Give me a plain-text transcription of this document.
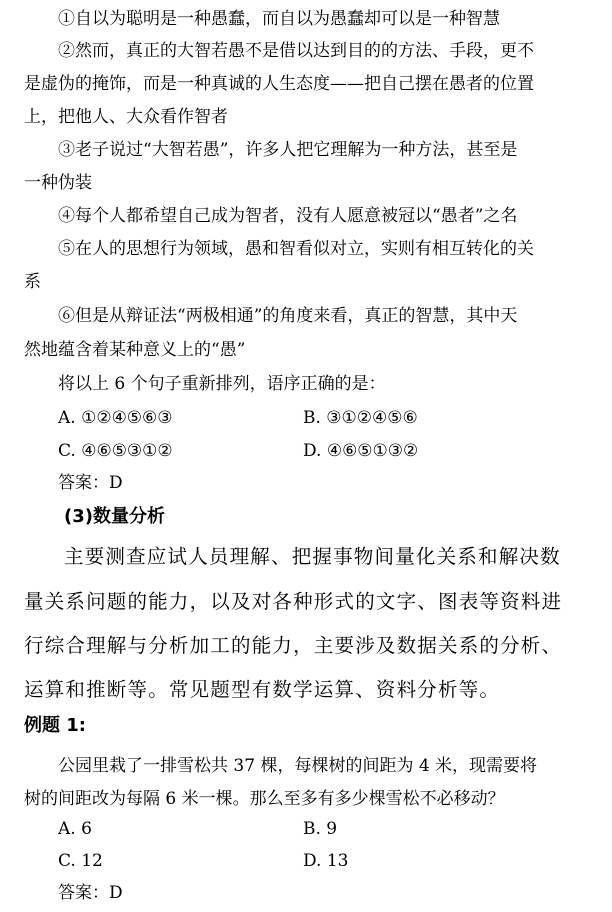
①自以为聪明是一种愚蠢，而自以为愚蠢却可以是一种智慧
②然而，真正的大智若愚不是借以达到目的的方法、手段，更不
是虚伪的掩饰，而是一种真诚的人生态度——把自己摆在愚者的位置
上，把他人、大众看作智者
③老子说过“大智若愚”，许多人把它理解为一种方法，甚至是
一种伪装
④每个人都希望自己成为智者，没有人愿意被冠以“愚者”之名
⑤在人的思想行为领域，愚和智看似对立，实则有相互转化的关
系
⑥但是从辩证法“两极相通”的角度来看，真正的智慧，其中天
然地蕴含着某种意义上的“愚”
将以上 6 个句子重新排列，语序正确的是：
A. ①②④⑤⑥③	B. ③①②④⑤⑥
C. ④⑥⑤③①②	D. ④⑥⑤①③②
答案：D
(3)数量分析
主要测查应试人员理解、把握事物间量化关系和解决数
量关系问题的能力，以及对各种形式的文字、图表等资料进
行综合理解与分析加工的能力，主要涉及数据关系的分析、
运算和推断等。常见题型有数学运算、资料分析等。
例题 1:
公园里栽了一排雪松共 37 棵，每棵树的间距为 4 米，现需要将
树的间距改为每隔 6 米一棵。那么至多有多少棵雪松不必移动？
A. 6	B. 9
C. 12	D. 13
答案：D
